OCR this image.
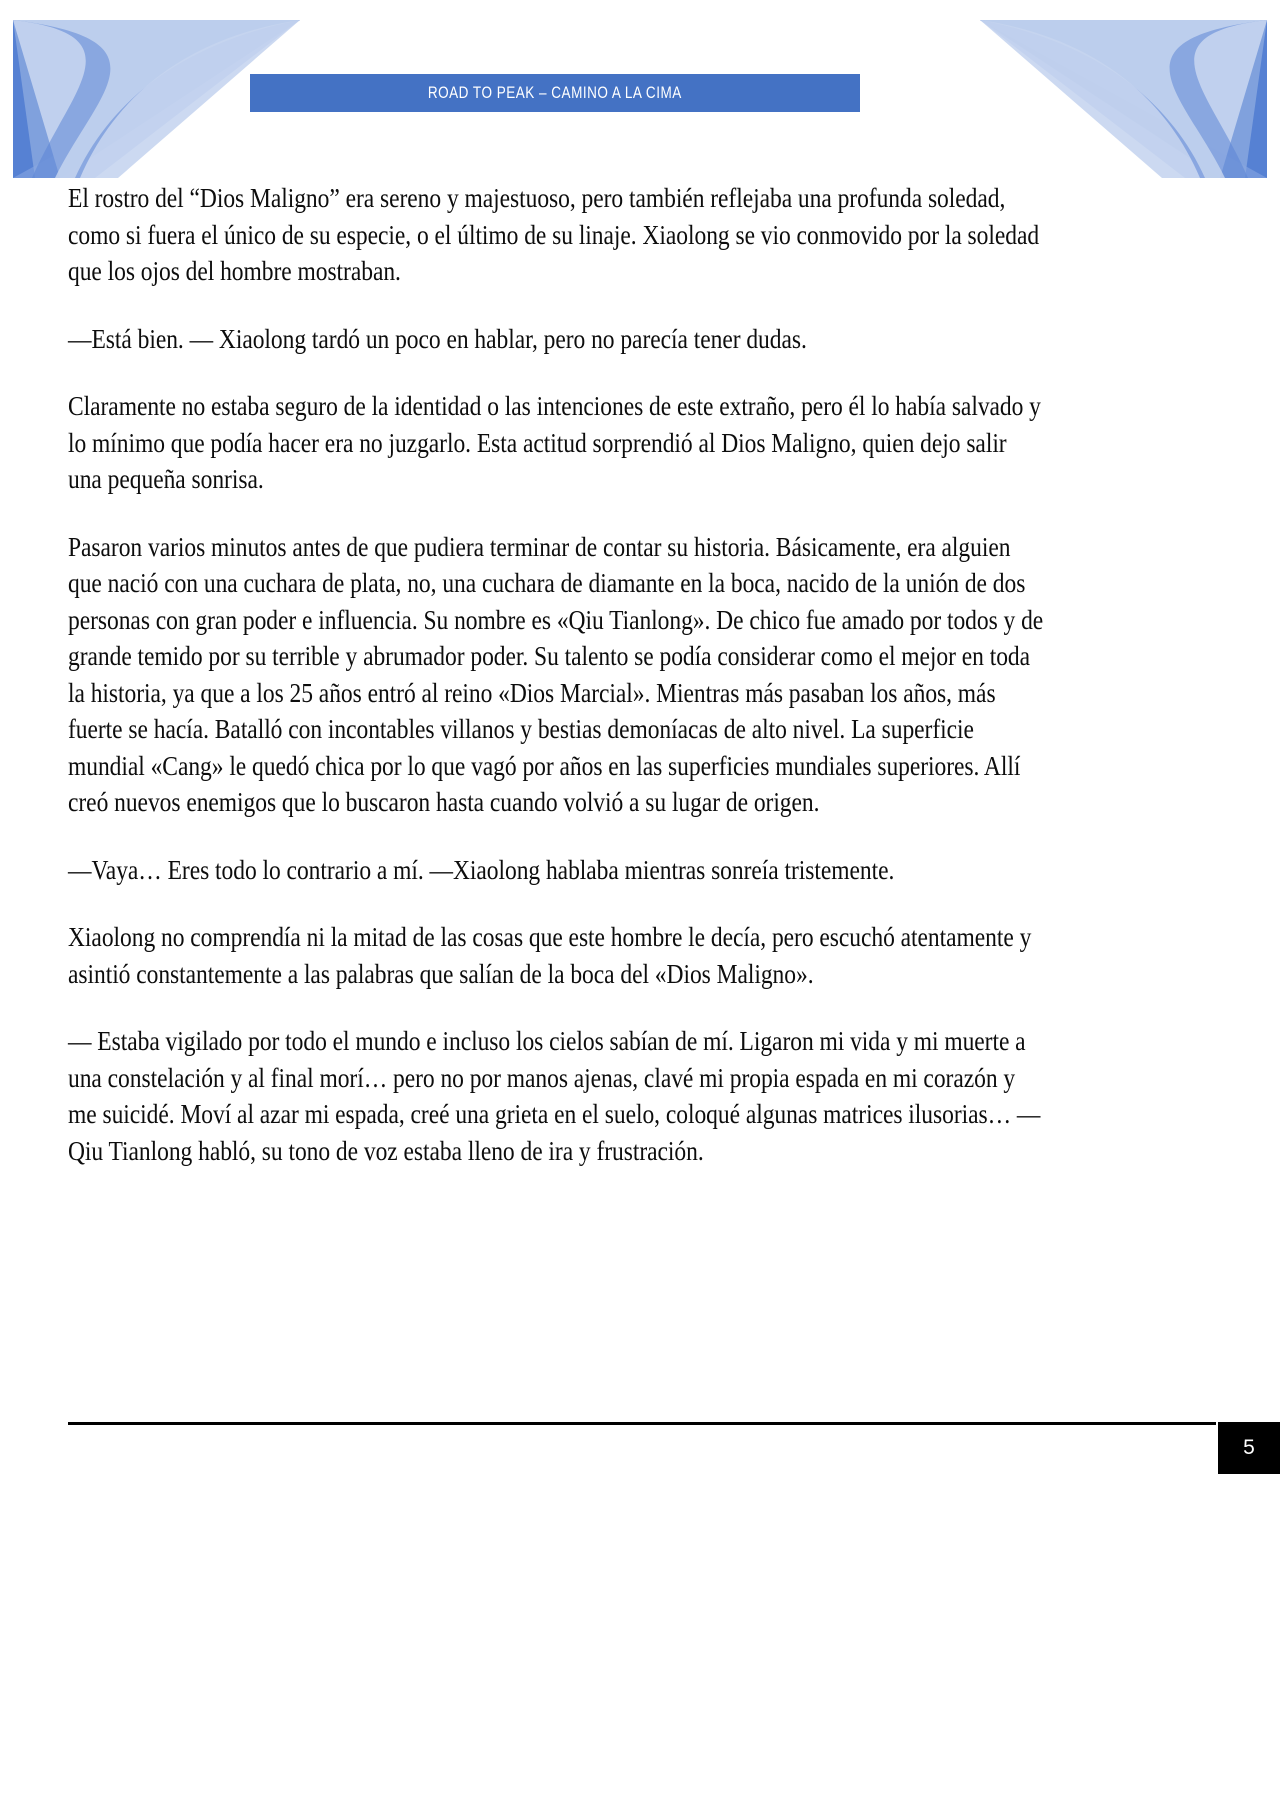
ROAD TO PEAK – CAMINO A LA CIMA

El rostro del “Dios Maligno” era sereno y majestuoso, pero también reflejaba una profunda soledad, como si fuera el único de su especie, o el último de su linaje. Xiaolong se vio conmovido por la soledad que los ojos del hombre mostraban.

—Está bien. — Xiaolong tardó un poco en hablar, pero no parecía tener dudas.

Claramente no estaba seguro de la identidad o las intenciones de este extraño, pero él lo había salvado y lo mínimo que podía hacer era no juzgarlo. Esta actitud sorprendió al Dios Maligno, quien dejo salir una pequeña sonrisa.

Pasaron varios minutos antes de que pudiera terminar de contar su historia. Básicamente, era alguien que nació con una cuchara de plata, no, una cuchara de diamante en la boca, nacido de la unión de dos personas con gran poder e influencia. Su nombre es «Qiu Tianlong». De chico fue amado por todos y de grande temido por su terrible y abrumador poder. Su talento se podía considerar como el mejor en toda la historia, ya que a los 25 años entró al reino «Dios Marcial». Mientras más pasaban los años, más fuerte se hacía. Batalló con incontables villanos y bestias demoníacas de alto nivel. La superficie mundial «Cang» le quedó chica por lo que vagó por años en las superficies mundiales superiores. Allí creó nuevos enemigos que lo buscaron hasta cuando volvió a su lugar de origen.

—Vaya… Eres todo lo contrario a mí. —Xiaolong hablaba mientras sonreía tristemente.

Xiaolong no comprendía ni la mitad de las cosas que este hombre le decía, pero escuchó atentamente y asintió constantemente a las palabras que salían de la boca del «Dios Maligno».

— Estaba vigilado por todo el mundo e incluso los cielos sabían de mí. Ligaron mi vida y mi muerte a una constelación y al final morí… pero no por manos ajenas, clavé mi propia espada en mi corazón y me suicidé. Moví al azar mi espada, creé una grieta en el suelo, coloqué algunas matrices ilusorias… — Qiu Tianlong habló, su tono de voz estaba lleno de ira y frustración.

5
